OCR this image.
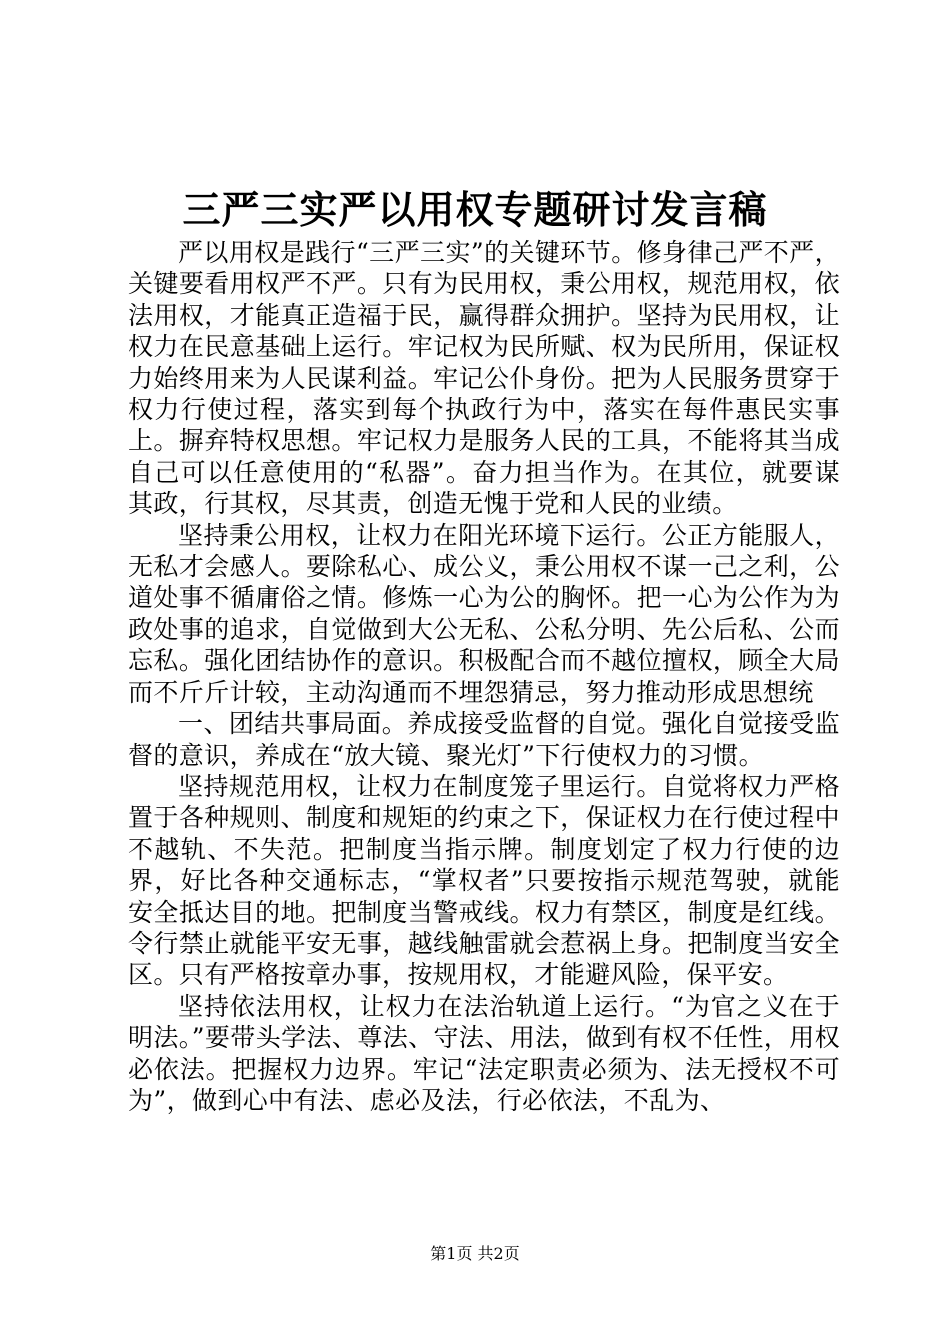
三严三实严以用权专题研讨发言稿

严以用权是践行“三严三实”的关键环节。修身律己严不严，关键要看用权严不严。只有为民用权，秉公用权，规范用权，依法用权，才能真正造福于民，赢得群众拥护。坚持为民用权，让权力在民意基础上运行。牢记权为民所赋、权为民所用，保证权力始终用来为人民谋利益。牢记公仆身份。把为人民服务贯穿于权力行使过程，落实到每个执政行为中，落实在每件惠民实事上。摒弃特权思想。牢记权力是服务人民的工具，不能将其当成自己可以任意使用的“私器”。奋力担当作为。在其位，就要谋其政，行其权，尽其责，创造无愧于党和人民的业绩。

坚持秉公用权，让权力在阳光环境下运行。公正方能服人，无私才会感人。要除私心、成公义，秉公用权不谋一己之利，公道处事不循庸俗之情。修炼一心为公的胸怀。把一心为公作为为政处事的追求，自觉做到大公无私、公私分明、先公后私、公而忘私。强化团结协作的意识。积极配合而不越位擅权，顾全大局而不斤斤计较，主动沟通而不埋怨猜忌，努力推动形成思想统

一、团结共事局面。养成接受监督的自觉。强化自觉接受监督的意识，养成在“放大镜、聚光灯”下行使权力的习惯。

坚持规范用权，让权力在制度笼子里运行。自觉将权力严格置于各种规则、制度和规矩的约束之下，保证权力在行使过程中不越轨、不失范。把制度当指示牌。制度划定了权力行使的边界，好比各种交通标志，“掌权者”只要按指示规范驾驶，就能安全抵达目的地。把制度当警戒线。权力有禁区，制度是红线。令行禁止就能平安无事，越线触雷就会惹祸上身。把制度当安全区。只有严格按章办事，按规用权，才能避风险，保平安。

坚持依法用权，让权力在法治轨道上运行。“为官之义在于明法。”要带头学法、尊法、守法、用法，做到有权不任性，用权必依法。把握权力边界。牢记“法定职责必须为、法无授权不可为”，做到心中有法、虑必及法，行必依法，不乱为、

第1页 共2页
